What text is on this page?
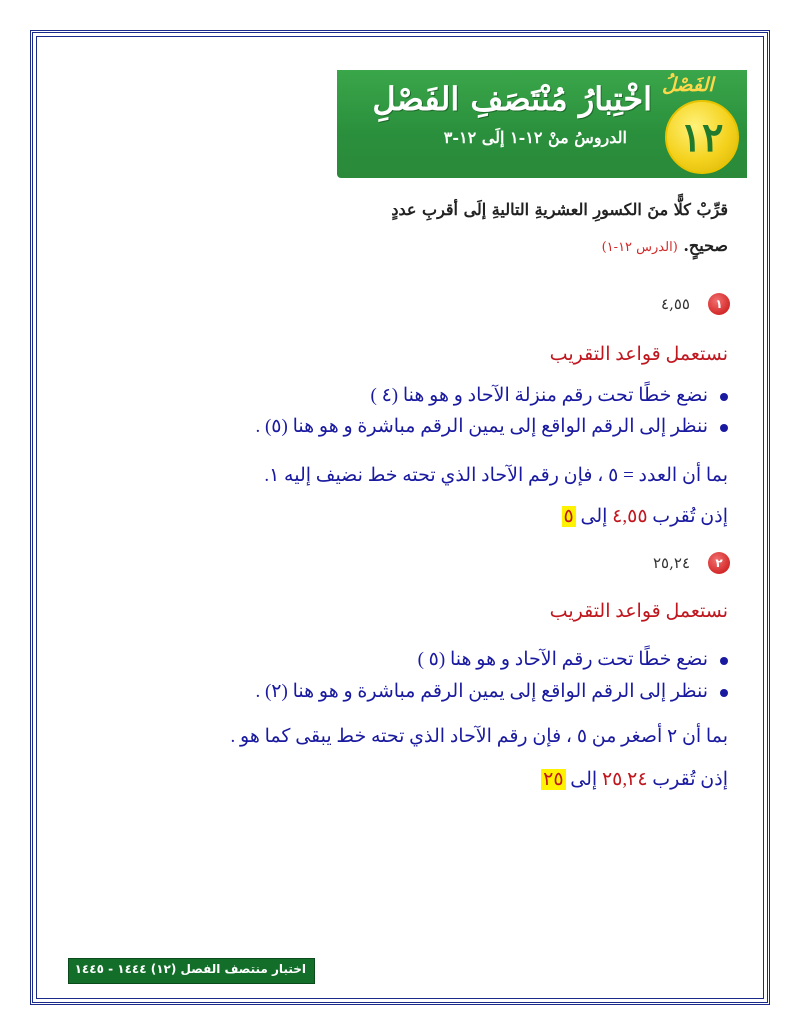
اخْتِبارُ مُنْتَصَفِ الفَصْلِ
الدروسُ منْ ١٢-١ إلَى ١٢-٣
الفَصْلُ
١٢
قرِّبْ كلًّا منَ الكسورِ العشريةِ التاليةِ إلَى أقربِ عددٍ
صحيحٍ. (الدرس ١٢-١)
١
٤,٥٥
نستعمل قواعد التقريب
نضع خطًا تحت رقم منزلة الآحاد و هو هنا (٤ )
ننظر إلى الرقم الواقع إلى يمين الرقم مباشرة و هو هنا (٥) .
بما أن العدد = ٥ ، فإن رقم الآحاد الذي تحته خط نضيف إليه ١.
إذن تُقرب ٤,٥٥ إلى ٥
٢
٢٥,٢٤
نستعمل قواعد التقريب
نضع خطًا تحت رقم الآحاد و هو هنا (٥ )
ننظر إلى الرقم الواقع إلى يمين الرقم مباشرة و هو هنا (٢) .
بما أن ٢ أصغر من ٥ ، فإن رقم الآحاد الذي تحته خط يبقى كما هو .
إذن تُقرب ٢٥,٢٤ إلى ٢٥
اختبار منتصف الفصل (١٢) ١٤٤٤ - ١٤٤٥
